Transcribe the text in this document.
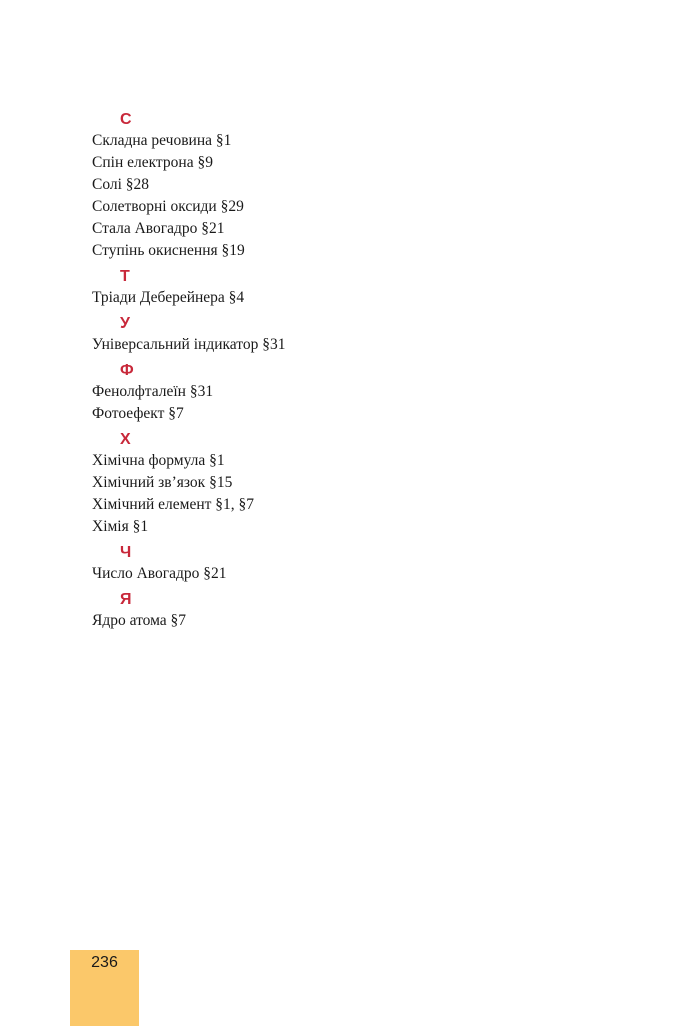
С
Складна речовина §1
Спін електрона §9
Солі §28
Солетворні оксиди §29
Стала Авогадро §21
Ступінь окиснення §19
Т
Тріади Деберейнера §4
У
Універсальний індикатор §31
Ф
Фенолфталеїн §31
Фотоефект §7
Х
Хімічна формула §1
Хімічний зв’язок §15
Хімічний елемент §1, §7
Хімія §1
Ч
Число Авогадро §21
Я
Ядро атома §7
236
